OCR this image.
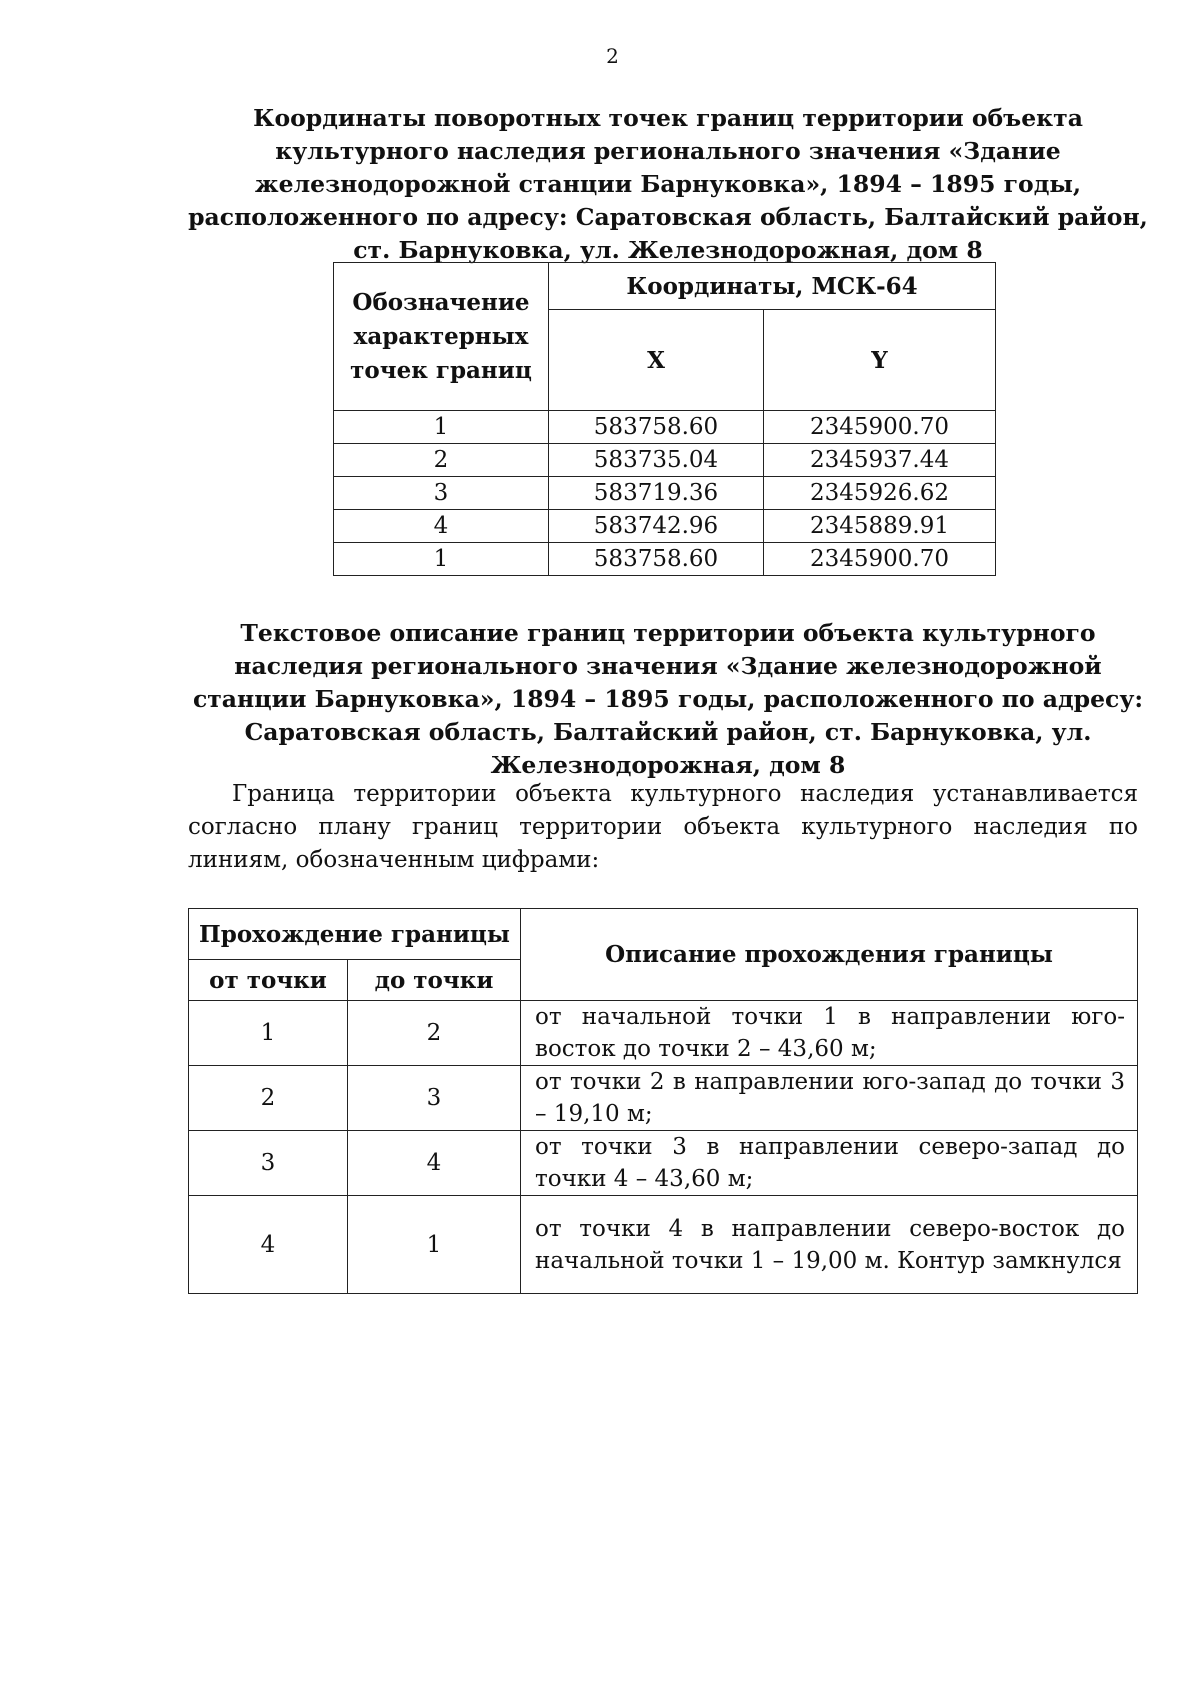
2
Координаты поворотных точек границ территории объекта культурного наследия регионального значения «Здание железнодорожной станции Барнуковка», 1894 – 1895 годы, расположенного по адресу: Саратовская область, Балтайский район, ст. Барнуковка, ул. Железнодорожная, дом 8
Обозначение характерных точек границ	Координаты, МСК-64	
	X	Y
1	583758.60	2345900.70
2	583735.04	2345937.44
3	583719.36	2345926.62
4	583742.96	2345889.91
1	583758.60	2345900.70
Текстовое описание границ территории объекта культурного наследия регионального значения «Здание железнодорожной станции Барнуковка», 1894 – 1895 годы, расположенного по адресу: Саратовская область, Балтайский район, ст. Барнуковка, ул. Железнодорожная, дом 8

Граница территории объекта культурного наследия устанавливается согласно плану границ территории объекта культурного наследия по линиям, обозначенным цифрами:

Прохождение границы		Описание прохождения границы
от точки	до точки	
1	2	от начальной точки 1 в направлении юго-восток до точки 2 – 43,60 м;
2	3	от точки 2 в направлении юго-запад до точки 3 – 19,10 м;
3	4	от точки 3 в направлении северо-запад до точки 4 – 43,60 м;
4	1	от точки 4 в направлении северо-восток до начальной точки 1 – 19,00 м. Контур замкнулся
